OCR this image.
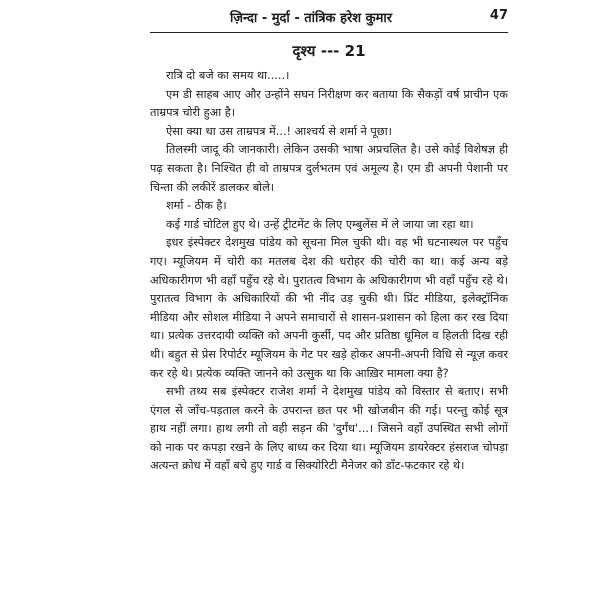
ज़िन्दा - मुर्दा - तांत्रिक हरेश कुमार	47
दृश्य --- 21

रात्रि दो बजे का समय था.....।

एम डी साहब आए और उन्होंने सघन निरीक्षण कर बताया कि सैकड़ों वर्ष प्राचीन एक ताम्रपत्र चोरी हुआ है।

ऐसा क्या था उस ताम्रपत्र में...! आश्चर्य से शर्मा ने पूछा।

तिलस्मी जादू की जानकारी। लेकिन उसकी भाषा अप्रचलित है। उसे कोई विशेषज्ञ ही पढ़ सकता है। निश्चित ही वो ताम्रपत्र दुर्लभतम एवं अमूल्य है। एम डी अपनी पेशानी पर चिन्ता की लकीरें डालकर बोले।

शर्मा - ठीक है।

कई गार्ड चोटिल हुए थे। उन्हें ट्रीटमेंट के लिए एम्बुलेंस में ले जाया जा रहा था।

इधर इंस्पेक्टर देशमुख पांडेय को सूचना मिल चुकी थी। वह भी घटनास्थल पर पहुँच गए। म्यूजियम में चोरी का मतलब देश की धरोहर की चोरी का था। कई अन्य बड़े अधिकारीगण भी वहाँ पहुँच रहे थे। पुरातत्व विभाग के अधिकारीगण भी वहाँ पहुँच रहे थे। पुरातत्व विभाग के अधिकारियों की भी नींद उड़ चुकी थी। प्रिंट मीडिया, इलेक्ट्रॉनिक मीडिया और सोशल मीडिया ने अपने समाचारों से शासन-प्रशासन को हिला कर रख दिया था। प्रत्येक उत्तरदायी व्यक्ति को अपनी कुर्सी, पद और प्रतिष्ठा धूमिल व हिलती दिख रही थी। बहुत से प्रेस रिपोर्टर म्यूजियम के गेट पर खड़े होकर अपनी-अपनी विधि से न्यूज़ कवर कर रहे थे। प्रत्येक व्यक्ति जानने को उत्सुक था कि आख़िर मामला क्या है?

सभी तथ्य सब इंस्पेक्टर राजेश शर्मा ने देशमुख पांडेय को विस्तार से बताए। सभी एंगल से जाँच-पड़ताल करने के उपरान्त छत पर भी खोजबीन की गई। परन्तु कोई सूत्र हाथ नहीं लगा। हाथ लगी तो वही सड़न की 'दुर्गंध'...। जिसने वहाँ उपस्थित सभी लोगों को नाक पर कपड़ा रखने के लिए बाध्य कर दिया था। म्यूजियम डायरेक्टर हंसराज चोपड़ा अत्यन्त क्रोध में वहाँ बचे हुए गार्ड व सिक्योरिटी मैनेजर को डाँट-फटकार रहे थे।
